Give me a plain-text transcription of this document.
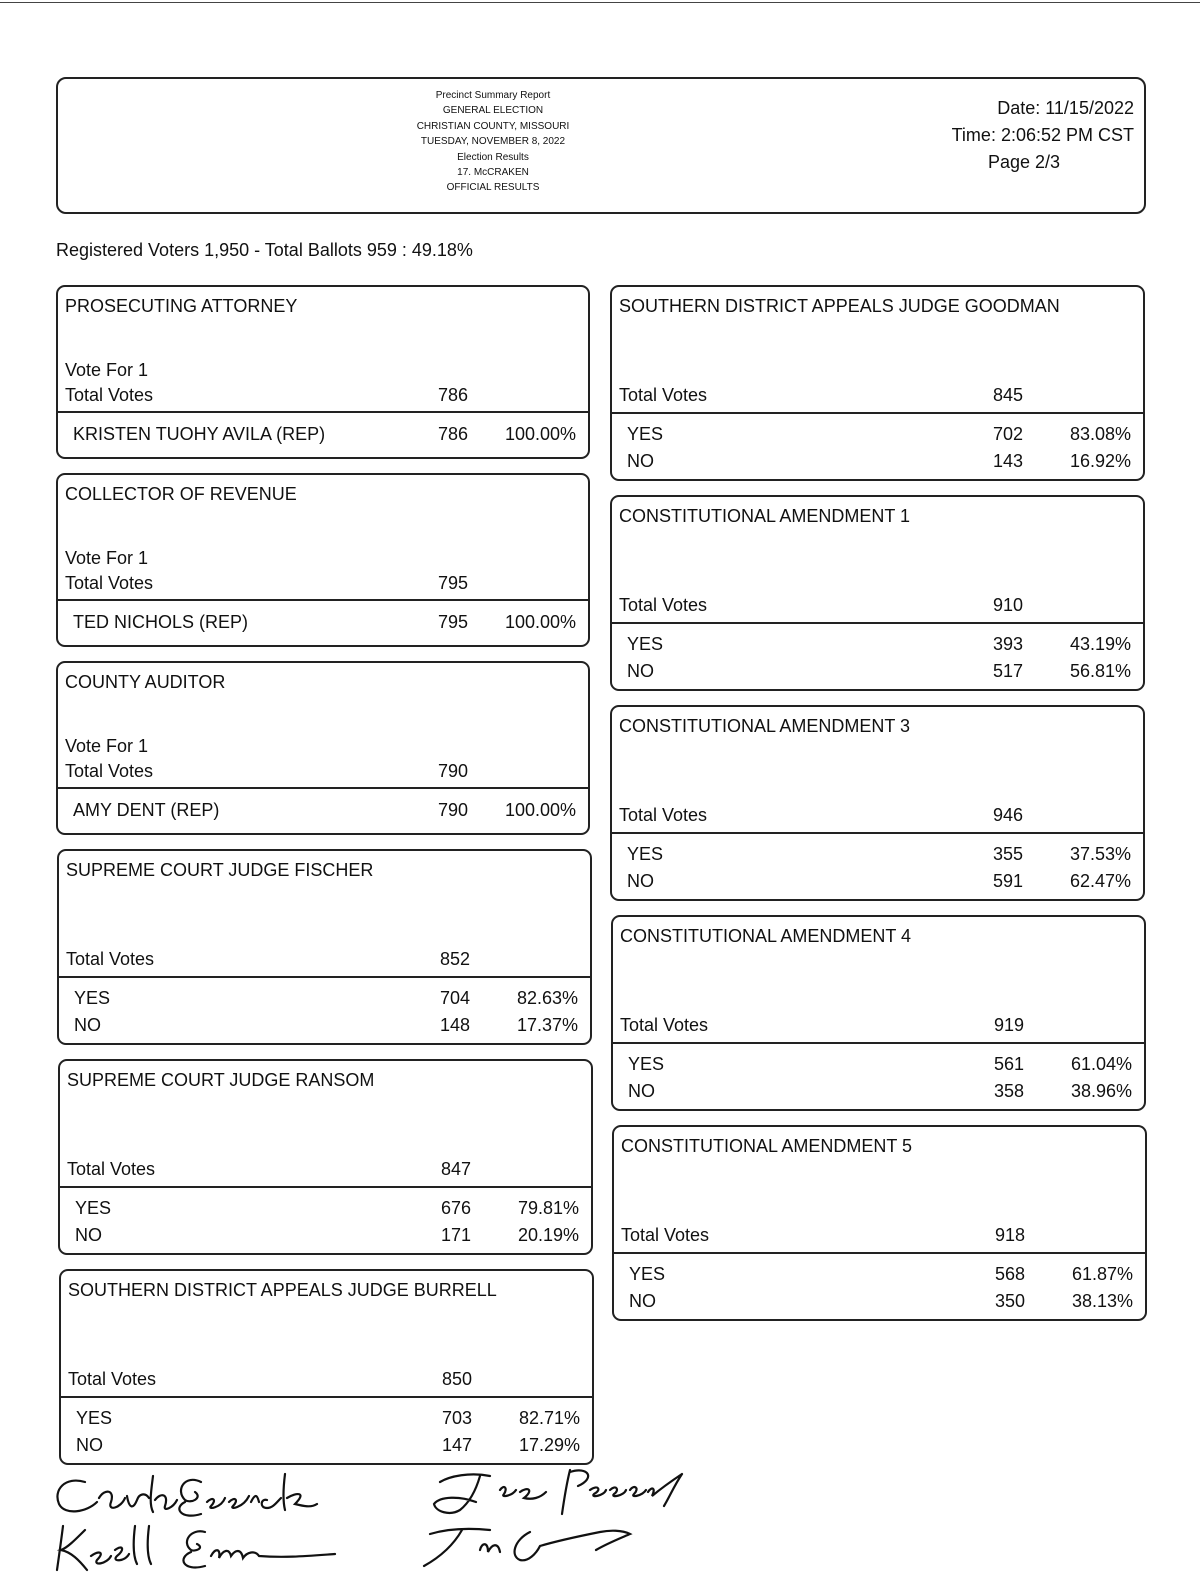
Precinct Summary Report
GENERAL ELECTION
CHRISTIAN COUNTY, MISSOURI
TUESDAY, NOVEMBER 8, 2022
Election Results
17. McCRAKEN
OFFICIAL RESULTS
Date: 11/15/2022
Time: 2:06:52 PM CST
Page 2/3
Registered Voters 1,950 - Total Ballots 959 : 49.18%
PROSECUTING ATTORNEY
Vote For 1
Total Votes	786
KRISTEN TUOHY AVILA (REP)	786	100.00%
COLLECTOR OF REVENUE
Vote For 1
Total Votes	795
TED NICHOLS (REP)	795	100.00%
COUNTY AUDITOR
Vote For 1
Total Votes	790
AMY DENT (REP)	790	100.00%
SUPREME COURT JUDGE FISCHER
Total Votes	852
YES	704	82.63%
NO	148	17.37%
SUPREME COURT JUDGE RANSOM
Total Votes	847
YES	676	79.81%
NO	171	20.19%
SOUTHERN DISTRICT APPEALS JUDGE BURRELL
Total Votes	850
YES	703	82.71%
NO	147	17.29%
SOUTHERN DISTRICT APPEALS JUDGE GOODMAN
Total Votes	845
YES	702	83.08%
NO	143	16.92%
CONSTITUTIONAL AMENDMENT 1
Total Votes	910
YES	393	43.19%
NO	517	56.81%
CONSTITUTIONAL AMENDMENT 3
Total Votes	946
YES	355	37.53%
NO	591	62.47%
CONSTITUTIONAL AMENDMENT 4
Total Votes	919
YES	561	61.04%
NO	358	38.96%
CONSTITUTIONAL AMENDMENT 5
Total Votes	918
YES	568	61.87%
NO	350	38.13%
